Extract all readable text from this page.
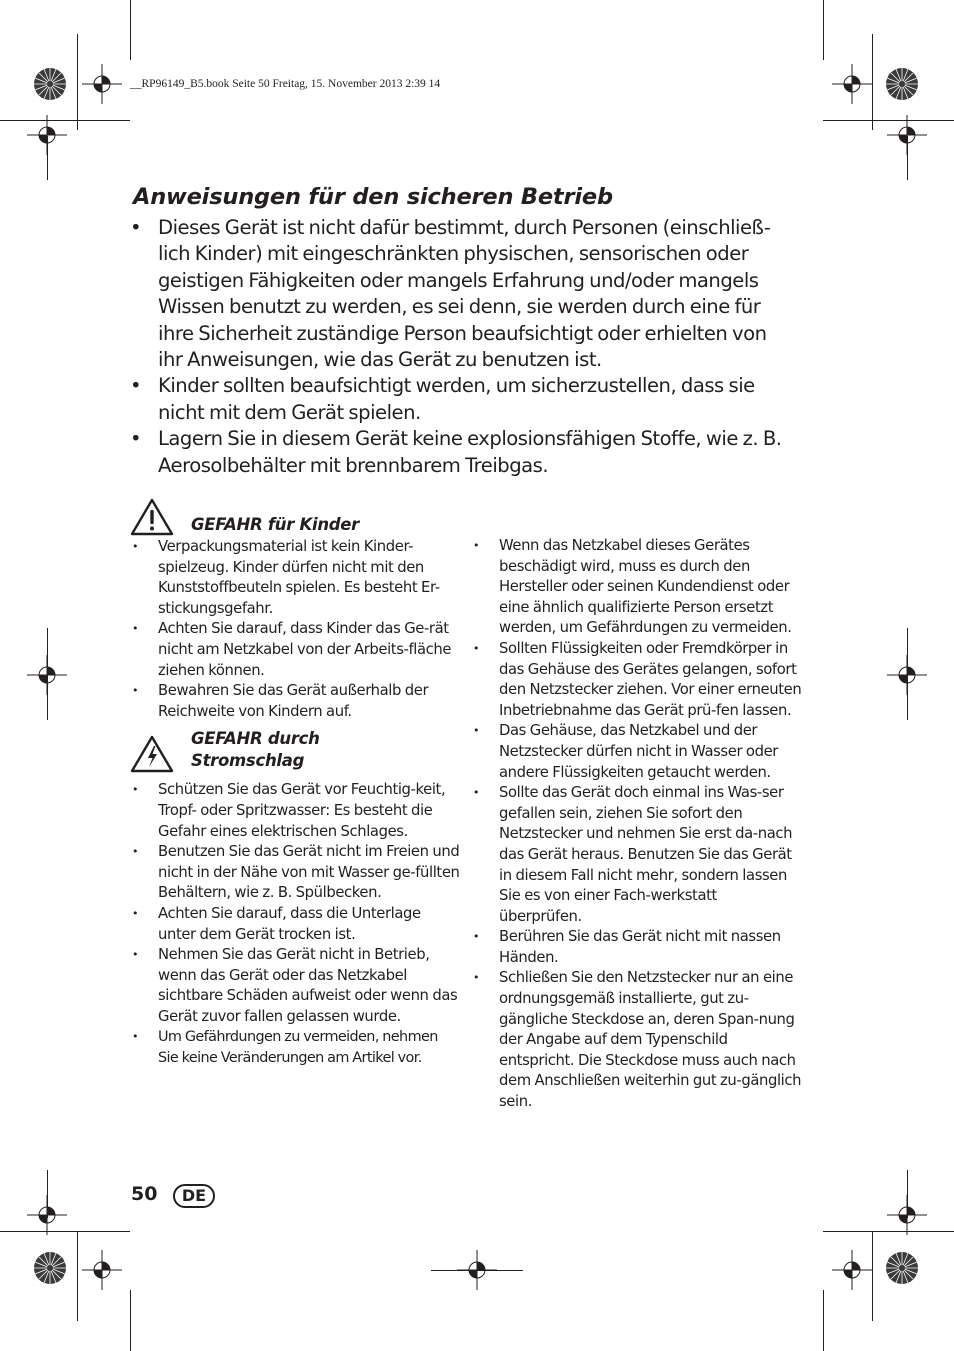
__RP96149_B5.book Seite 50 Freitag, 15. November 2013 2:39 14
Anweisungen für den sicheren Betrieb
• Dieses Gerät ist nicht dafür bestimmt, durch Personen (einschließ-lich Kinder) mit eingeschränkten physischen, sensorischen oder geistigen Fähigkeiten oder mangels Erfahrung und/oder mangels Wissen benutzt zu werden, es sei denn, sie werden durch eine für ihre Sicherheit zuständige Person beaufsichtigt oder erhielten von ihr Anweisungen, wie das Gerät zu benutzen ist.
• Kinder sollten beaufsichtigt werden, um sicherzustellen, dass sie nicht mit dem Gerät spielen.
• Lagern Sie in diesem Gerät keine explosionsfähigen Stoffe, wie z. B. Aerosolbehälter mit brennbarem Treibgas.
GEFAHR für Kinder
• Verpackungsmaterial ist kein Kinder-spielzeug. Kinder dürfen nicht mit den Kunststoffbeuteln spielen. Es besteht Er-stickungsgefahr.
• Achten Sie darauf, dass Kinder das Ge-rät nicht am Netzkabel von der Arbeits-fläche ziehen können.
• Bewahren Sie das Gerät außerhalb der Reichweite von Kindern auf.
GEFAHR durch
Stromschlag
• Schützen Sie das Gerät vor Feuchtig-keit, Tropf- oder Spritzwasser: Es besteht die Gefahr eines elektrischen Schlages.
• Benutzen Sie das Gerät nicht im Freien und nicht in der Nähe von mit Wasser ge-füllten Behältern, wie z. B. Spülbecken.
• Achten Sie darauf, dass die Unterlage unter dem Gerät trocken ist.
• Nehmen Sie das Gerät nicht in Betrieb, wenn das Gerät oder das Netzkabel sichtbare Schäden aufweist oder wenn das Gerät zuvor fallen gelassen wurde.
• Um Gefährdungen zu vermeiden, nehmen Sie keine Veränderungen am Artikel vor.
• Wenn das Netzkabel dieses Gerätes beschädigt wird, muss es durch den Hersteller oder seinen Kundendienst oder eine ähnlich qualifizierte Person ersetzt werden, um Gefährdungen zu vermeiden.
• Sollten Flüssigkeiten oder Fremdkörper in das Gehäuse des Gerätes gelangen, sofort den Netzstecker ziehen. Vor einer erneuten Inbetriebnahme das Gerät prü-fen lassen.
• Das Gehäuse, das Netzkabel und der Netzstecker dürfen nicht in Wasser oder andere Flüssigkeiten getaucht werden.
• Sollte das Gerät doch einmal ins Was-ser gefallen sein, ziehen Sie sofort den Netzstecker und nehmen Sie erst da-nach das Gerät heraus. Benutzen Sie das Gerät in diesem Fall nicht mehr, sondern lassen Sie es von einer Fach-werkstatt überprüfen.
• Berühren Sie das Gerät nicht mit nassen Händen.
• Schließen Sie den Netzstecker nur an eine ordnungsgemäß installierte, gut zu-gängliche Steckdose an, deren Span-nung der Angabe auf dem Typenschild entspricht. Die Steckdose muss auch nach dem Anschließen weiterhin gut zu-gänglich sein.
50	DE
